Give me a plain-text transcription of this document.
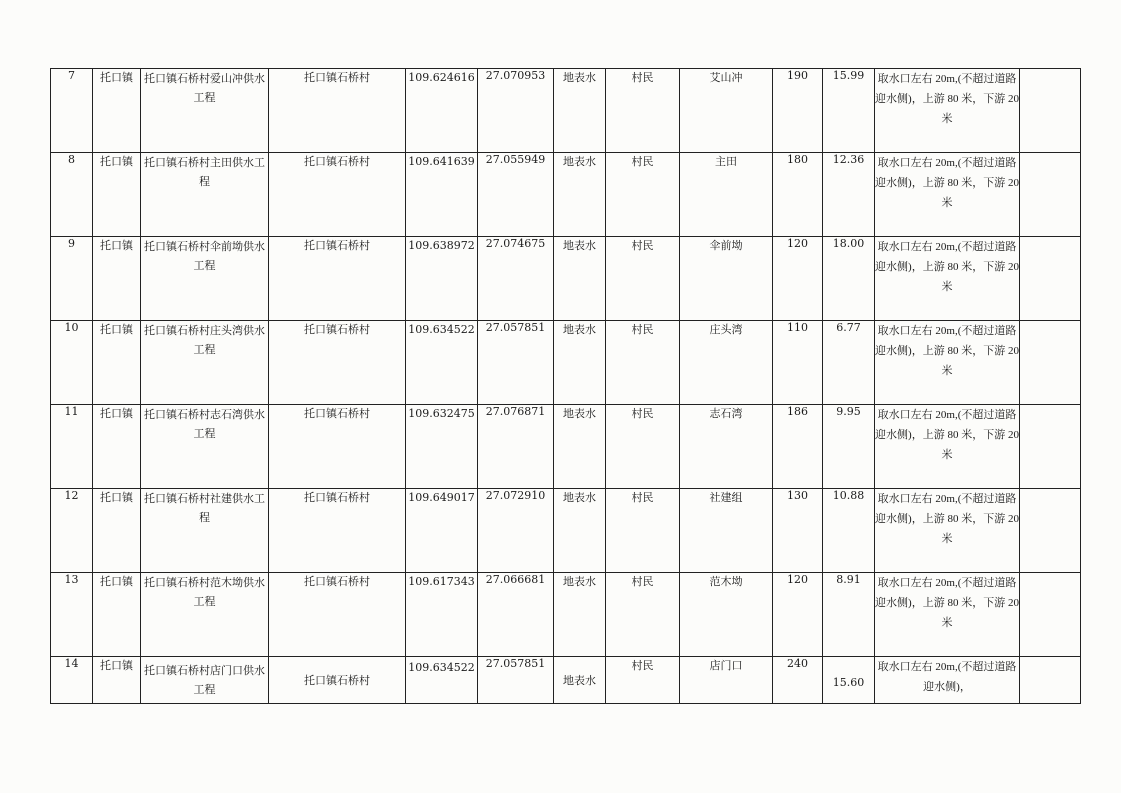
7	托口镇	托口镇石桥村爱山冲供水工程	托口镇石桥村	109.624616	27.070953	地表水	村民	艾山冲	190	15.99	取水口左右 20m,(不超过道路迎水侧)，上游 80 米，下游 20 米	
8	托口镇	托口镇石桥村主田供水工程	托口镇石桥村	109.641639	27.055949	地表水	村民	主田	180	12.36	取水口左右 20m,(不超过道路迎水侧)，上游 80 米，下游 20 米	
9	托口镇	托口镇石桥村伞前坳供水工程	托口镇石桥村	109.638972	27.074675	地表水	村民	伞前坳	120	18.00	取水口左右 20m,(不超过道路迎水侧)，上游 80 米，下游 20 米	
10	托口镇	托口镇石桥村庄头湾供水工程	托口镇石桥村	109.634522	27.057851	地表水	村民	庄头湾	110	6.77	取水口左右 20m,(不超过道路迎水侧)，上游 80 米，下游 20 米	
11	托口镇	托口镇石桥村志石湾供水工程	托口镇石桥村	109.632475	27.076871	地表水	村民	志石湾	186	9.95	取水口左右 20m,(不超过道路迎水侧)，上游 80 米，下游 20 米	
12	托口镇	托口镇石桥村社建供水工程	托口镇石桥村	109.649017	27.072910	地表水	村民	社建组	130	10.88	取水口左右 20m,(不超过道路迎水侧)，上游 80 米，下游 20 米	
13	托口镇	托口镇石桥村范木坳供水工程	托口镇石桥村	109.617343	27.066681	地表水	村民	范木坳	120	8.91	取水口左右 20m,(不超过道路迎水侧)，上游 80 米，下游 20 米	
14	托口镇	托口镇石桥村店门口供水工程	托口镇石桥村	109.634522	27.057851	地表水	村民	店门口	240	15.60	取水口左右 20m,(不超过道路迎水侧)，	
